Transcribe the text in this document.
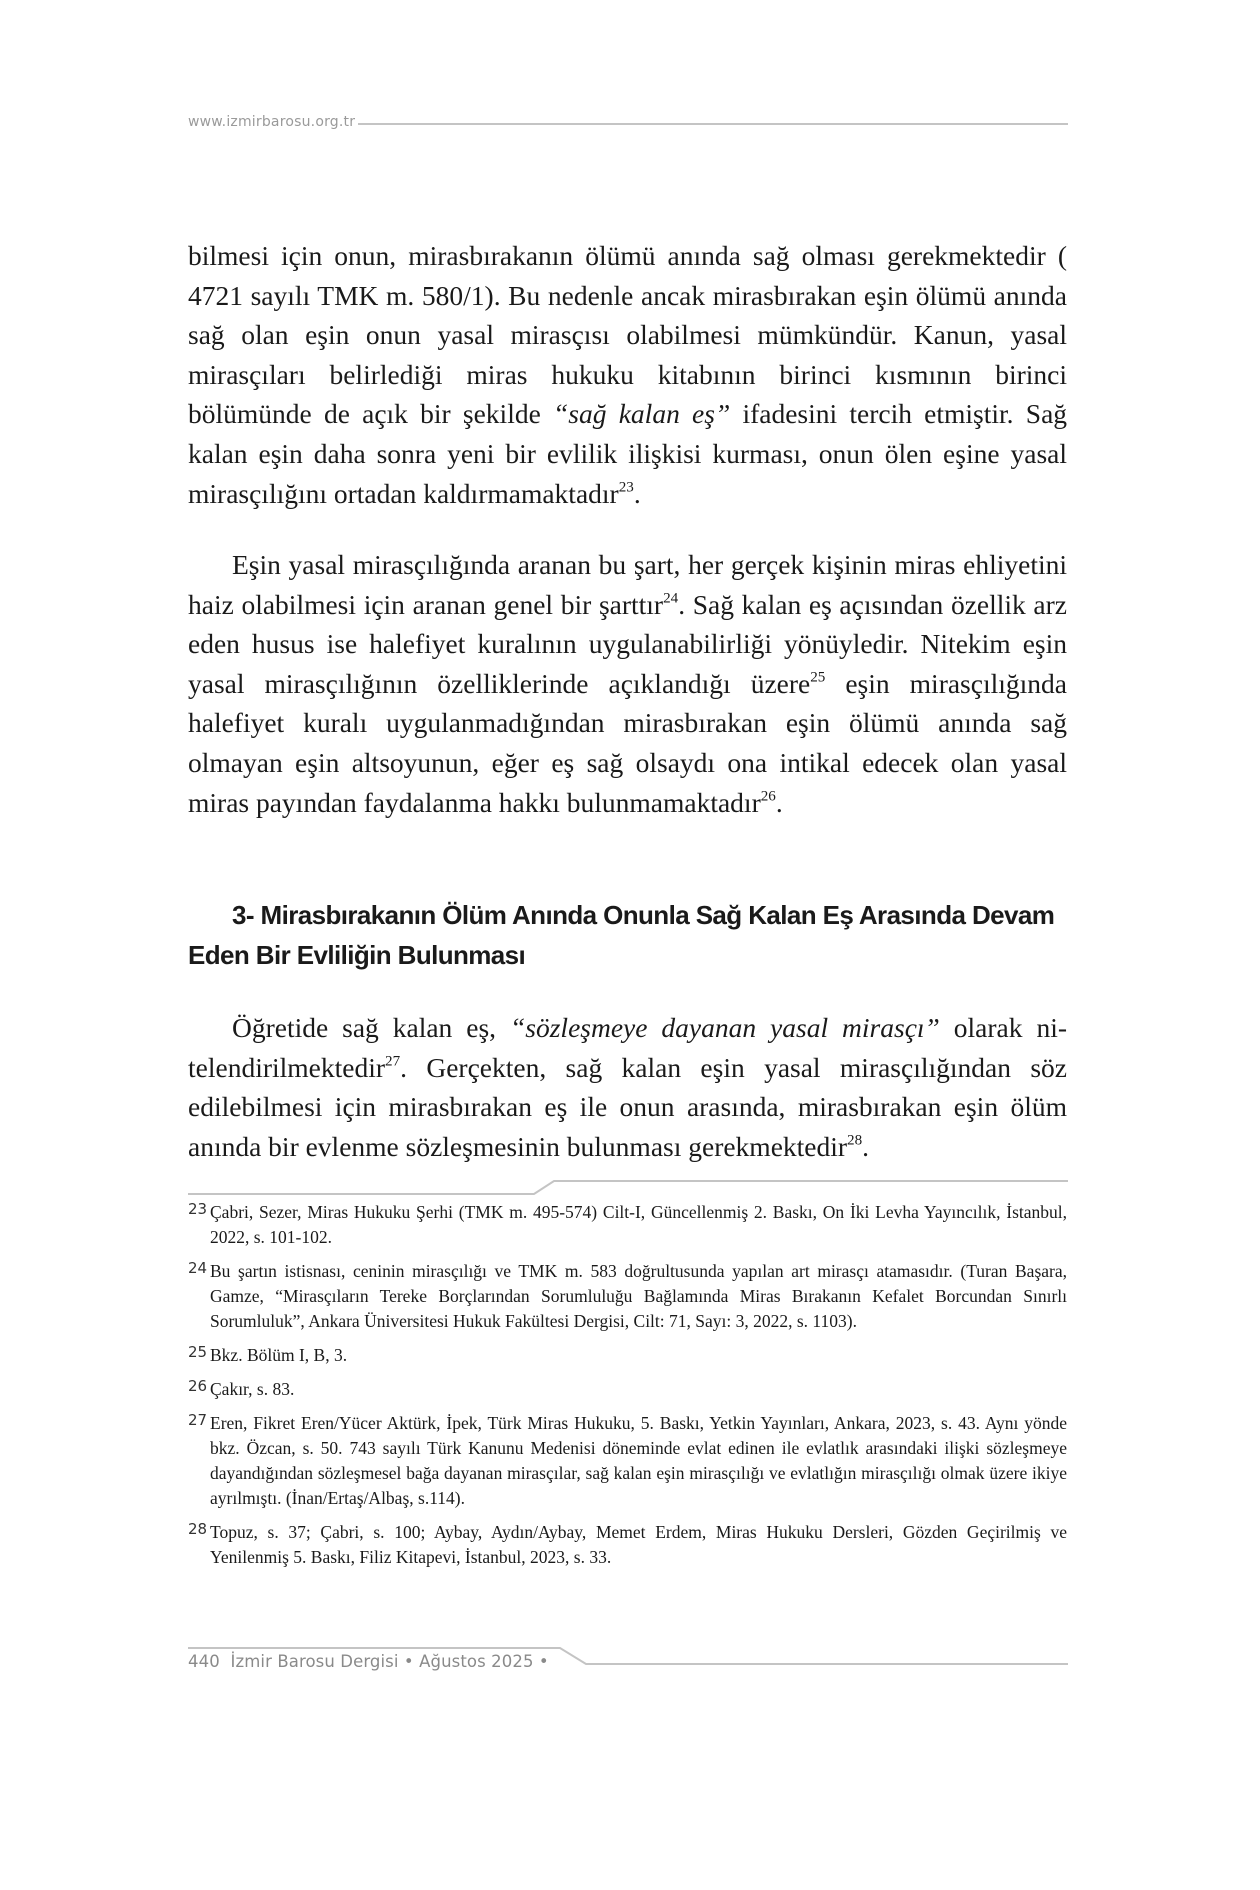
www.izmirbarosu.org.tr

bilmesi için onun, mirasbırakanın ölümü anında sağ olması gerekmektedir ( 4721 sayılı TMK m. 580/1). Bu nedenle ancak mirasbırakan eşin ölümü anında sağ olan eşin onun yasal mirasçısı olabilmesi mümkündür. Kanun, yasal mirasçıları belirlediği miras hukuku kitabının birinci kısmının birinci bölümünde de açık bir şekilde “sağ kalan eş” ifadesini tercih etmiştir. Sağ kalan eşin daha sonra yeni bir evlilik ilişkisi kurması, onun ölen eşine yasal mirasçılığını ortadan kaldırmamaktadır$^{23}$.

Eşin yasal mirasçılığında aranan bu şart, her gerçek kişinin miras ehliyetini haiz olabilmesi için aranan genel bir şarttır$^{24}$. Sağ kalan eş açısından özellik arz eden husus ise halefiyet kuralının uygulanabilirliği yönüyledir. Nitekim eşin yasal mirasçılığının özelliklerinde açıklandığı üzere$^{25}$ eşin mirasçılığında halefiyet kuralı uygulanmadığından mirasbırakan eşin ölümü anında sağ olmayan eşin altsoyunun, eğer eş sağ olsaydı ona intikal edecek olan yasal miras payından faydalanma hakkı bulunmamaktadır$^{26}$.

3- Mirasbırakanın Ölüm Anında Onunla Sağ Kalan Eş Arasında Devam Eden Bir Evliliğin Bulunması

Öğretide sağ kalan eş, “sözleşmeye dayanan yasal mirasçı” olarak nitelendirilmektedir$^{27}$. Gerçekten, sağ kalan eşin yasal mirasçılığından söz edilebilmesi için mirasbırakan eş ile onun arasında, mirasbırakan eşin ölüm anında bir evlenme sözleşmesinin bulunması gerekmektedir$^{28}$.

23 Çabri, Sezer, Miras Hukuku Şerhi (TMK m. 495-574) Cilt-I, Güncellenmiş 2. Baskı, On İki Levha Yayıncılık, İstanbul, 2022, s. 101-102.
24 Bu şartın istisnası, ceninin mirasçılığı ve TMK m. 583 doğrultusunda yapılan art mirasçı atamasıdır. (Turan Başara, Gamze, “Mirasçıların Tereke Borçlarından Sorumluluğu Bağlamında Miras Bırakanın Kefalet Borcundan Sınırlı Sorumluluk”, Ankara Üniversitesi Hukuk Fakültesi Dergisi, Cilt: 71, Sayı: 3, 2022, s. 1103).
25 Bkz. Bölüm I, B, 3.
26 Çakır, s. 83.
27 Eren, Fikret Eren/Yücer Aktürk, İpek, Türk Miras Hukuku, 5. Baskı, Yetkin Yayınları, Ankara, 2023, s. 43. Aynı yönde bkz. Özcan, s. 50. 743 sayılı Türk Kanunu Medenisi döneminde evlat edinen ile evlatlık arasındaki ilişki sözleşmeye dayandığından sözleşmesel bağa dayanan mirasçılar, sağ kalan eşin mirasçılığı ve evlatlığın mirasçılığı olmak üzere ikiye ayrılmıştı. (İnan/Ertaş/Albaş, s.114).
28 Topuz, s. 37; Çabri, s. 100; Aybay, Aydın/Aybay, Memet Erdem, Miras Hukuku Dersleri, Gözden Geçirilmiş ve Yenilenmiş 5. Baskı, Filiz Kitapevi, İstanbul, 2023, s. 33.
440 İzmir Barosu Dergisi • Ağustos 2025 •
